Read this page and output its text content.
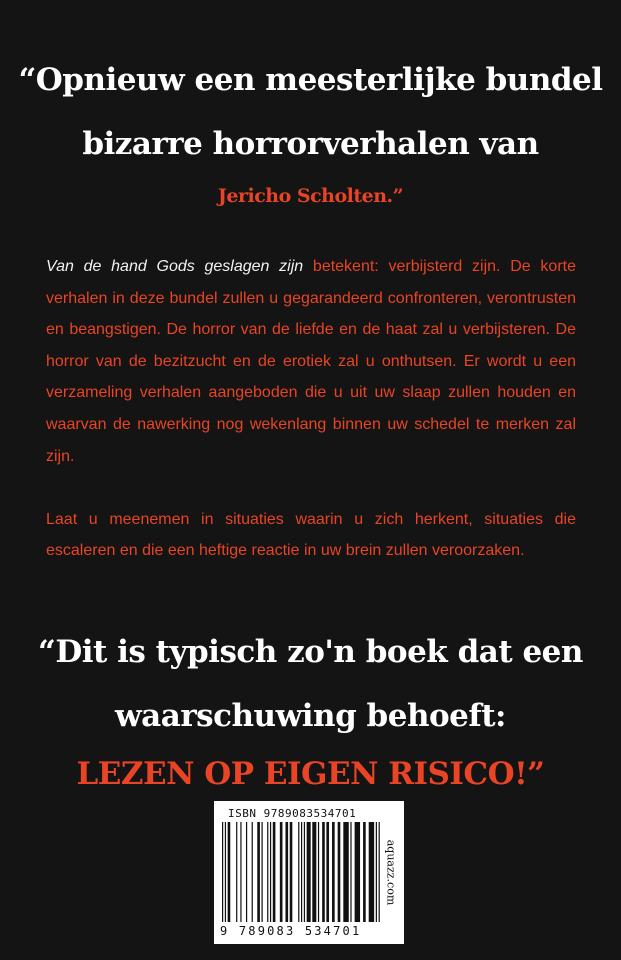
“Opnieuw een meesterlijke bundel
bizarre horrorverhalen van
Jericho Scholten.”

Van de hand Gods geslagen zijn betekent: verbijsterd zijn. De korte verhalen in deze bundel zullen u gegarandeerd confronteren, verontrusten en beangstigen. De horror van de liefde en de haat zal u verbijsteren. De horror van de bezitzucht en de erotiek zal u onthutsen. Er wordt u een verzameling verhalen aangeboden die u uit uw slaap zullen houden en waarvan de nawerking nog wekenlang binnen uw schedel te merken zal zijn.

Laat u meenemen in situaties waarin u zich herkent, situaties die escaleren en die een heftige reactie in uw brein zullen veroorzaken.

“Dit is typisch zo'n boek dat een
waarschuwing behoeft:
LEZEN OP EIGEN RISICO!”
ISBN 9789083534701
9 789083 534701
aquazz.com
